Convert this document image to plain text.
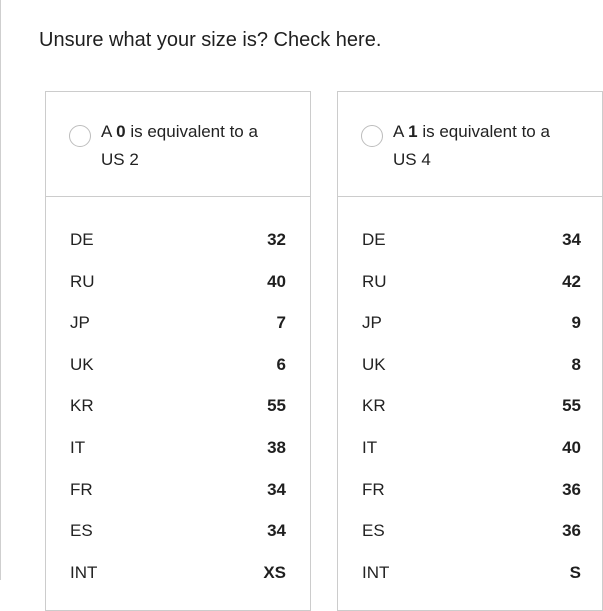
Unsure what your size is? Check here.
A 0 is equivalent to a
US 2
DE	32
RU	40
JP	7
UK	6
KR	55
IT	38
FR	34
ES	34
INT	XS
A 1 is equivalent to a
US 4
DE	34
RU	42
JP	9
UK	8
KR	55
IT	40
FR	36
ES	36
INT	S
